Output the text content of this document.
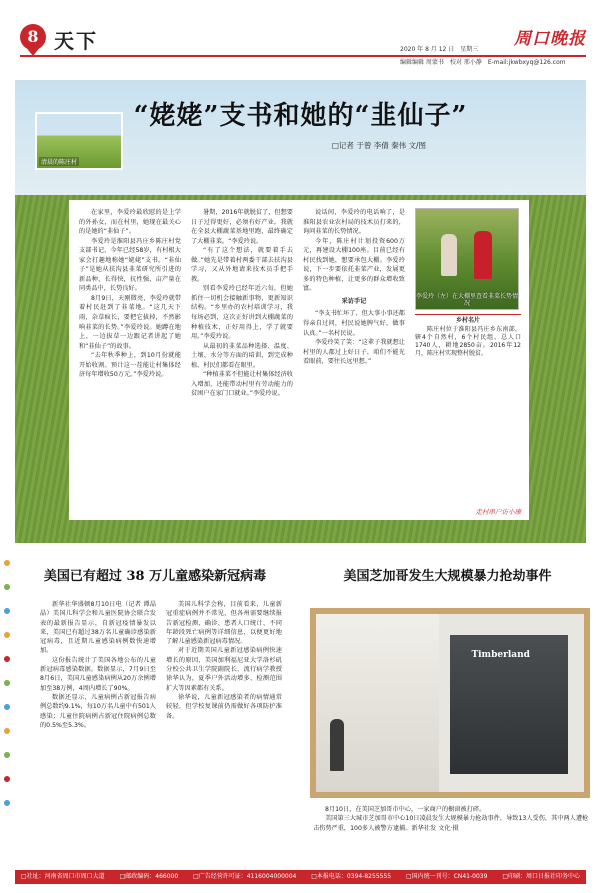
8 天下	2020 年 8 月 12 日　星期三
编辑编辑 周蒙书　校对 邢小静　E-mail:jkwbxyq@126.com
周口晚报
“姥姥”支书和她的“韭仙子”
□记者 于曾 李倩 秦伟 文/图
清晨的陈庄村

在家里，李爱玲最欣慰的是上学的外孙女，而在村里，她现在最关心的是她的“韭仙子”。

李爱玲是淮阳县冯庄乡陈庄村党支部书记，今年已经58岁，有村根大家会打趣地称她“姥姥”支书。“韭仙子”是她从扶沟县韭菜研究所引进的新品种，长得快，抗性强，亩产量在同类品中，长势良好。

8月9日，天刚微亮，李爱玲就带着村民赶到了韭菜地。“这几天下雨，杂草疯长，要把它拔掉，不然影响韭菜的长势。”李爱玲说。她蹲在地上，一边拔草一边跟记者讲起了她和“韭仙子”的故事。

“去年秋季种上，到10月份就能开始收割。预计这一茬能让村集体经济每年增收50万元。”李爱玲说。

暑期，2016年就脱贫了，但想要日子过得更好，必须有好产业。我就在全县大棚蔬菜基地里跑，最终确定了大棚韭菜。“李爱玲说。

“有了这个想法，就要着手去做。”她先是带着村两委干部去扶沟县学习，又从外地请来技术员手把手教。

别看李爱玲已经年近六旬，但她抓住一切机会接触新事物，更新知识结构。“乡里办的农村培训学习，我每场必到，这次正好讲到大棚蔬菜的种植技术，正好用得上，学了就要用。”李爱玲说。

从最初的韭菜品种选择、温度、土壤、水分等方面的培训，到完成种植，村民们都看在眼里。

“种植韭菜不但能让村集体经济收入增加，还能带动村里有劳动能力的贫困户在家门口就业。”李爱玲说。

说话间，李爱玲的电话响了，是淮阳县农业农村局的技术员打来的，询问韭菜的长势情况。

今年，陈庄村计划投资600万元，再建设大棚100座。目前已经有村民找到她，想要承包大棚。李爱玲说，下一步要依托韭菜产业，发展更多的特色种植，让更多的群众增收致富。

采访手记

“李支书忙坏了，但大事小事还都得亲自过问，村民说她脾气好，做事认真。”一名村民说。

李爱玲笑了笑：“这辈子我就想让村里的人都过上好日子，咱们不能光看眼前，要往长远里想。”

李爱玲（左）在大棚里查看韭菜长势情况
乡村名片

陈庄村位于淮阳县冯庄乡东南部，辖4个自然村，6个村民组，总人口1740人，耕地2850亩。2016年12月，陈庄村实现整村脱贫。

走村串户访小康
美国已有超过 38 万儿童感染新冠病毒

新华社华盛顿8月10日电（记者 谭晶晶）美国儿科学会和儿童医院协会联合发表的最新报告显示，自新冠疫情暴发以来，美国已有超过38万名儿童确诊感染新冠病毒，且近期儿童感染病例数快速增加。

这份报告统计了美国各地公布的儿童新冠病毒感染数据。数据显示，7月9日至8月6日，美国儿童感染病例从20万余例增加至38万例，4周内增长了90%。

数据还显示，儿童病例占新冠报告病例总数约9.1%，每10万名儿童中有501人感染；儿童住院病例占新冠住院病例总数的0.5%至5.3%。

美国儿科学会称，目前看来，儿童新冠重症病例并不常见，但各州需要继续报告新冠检测、确诊、患者人口统计、不同年龄段死亡病例等详细信息，以便更好地了解儿童感染新冠病毒情况。

对于近期美国儿童新冠感染病例快速增长的原因，美国加利福尼亚大学洛杉矶分校公共卫生学院副院长、流行病学教授徐华认为，夏季户外活动增多、检测范围扩大等因素都有关系。

徐华说，儿童新冠感染者的病情通常较轻，但学校复课前仍需做好各项防护准备。

美国芝加哥发生大规模暴力抢劫事件
Timberland

8月10日，在美国芝加哥市中心，一家商户的橱窗被打碎。

美国第三大城市芝加哥市中心10日凌晨发生大规模暴力抢劫事件，导致13人受伤，其中两人遭枪击伤势严重，100多人被警方逮捕。新华社发 文化·摄

□社址：河南省周口市周口大道 □邮政编码：466000 □广告经营许可证：4116004000004 □本报电话：0394-8255555 □国内统一刊号：CN41-0039 □印刷：周口日报社印务中心
